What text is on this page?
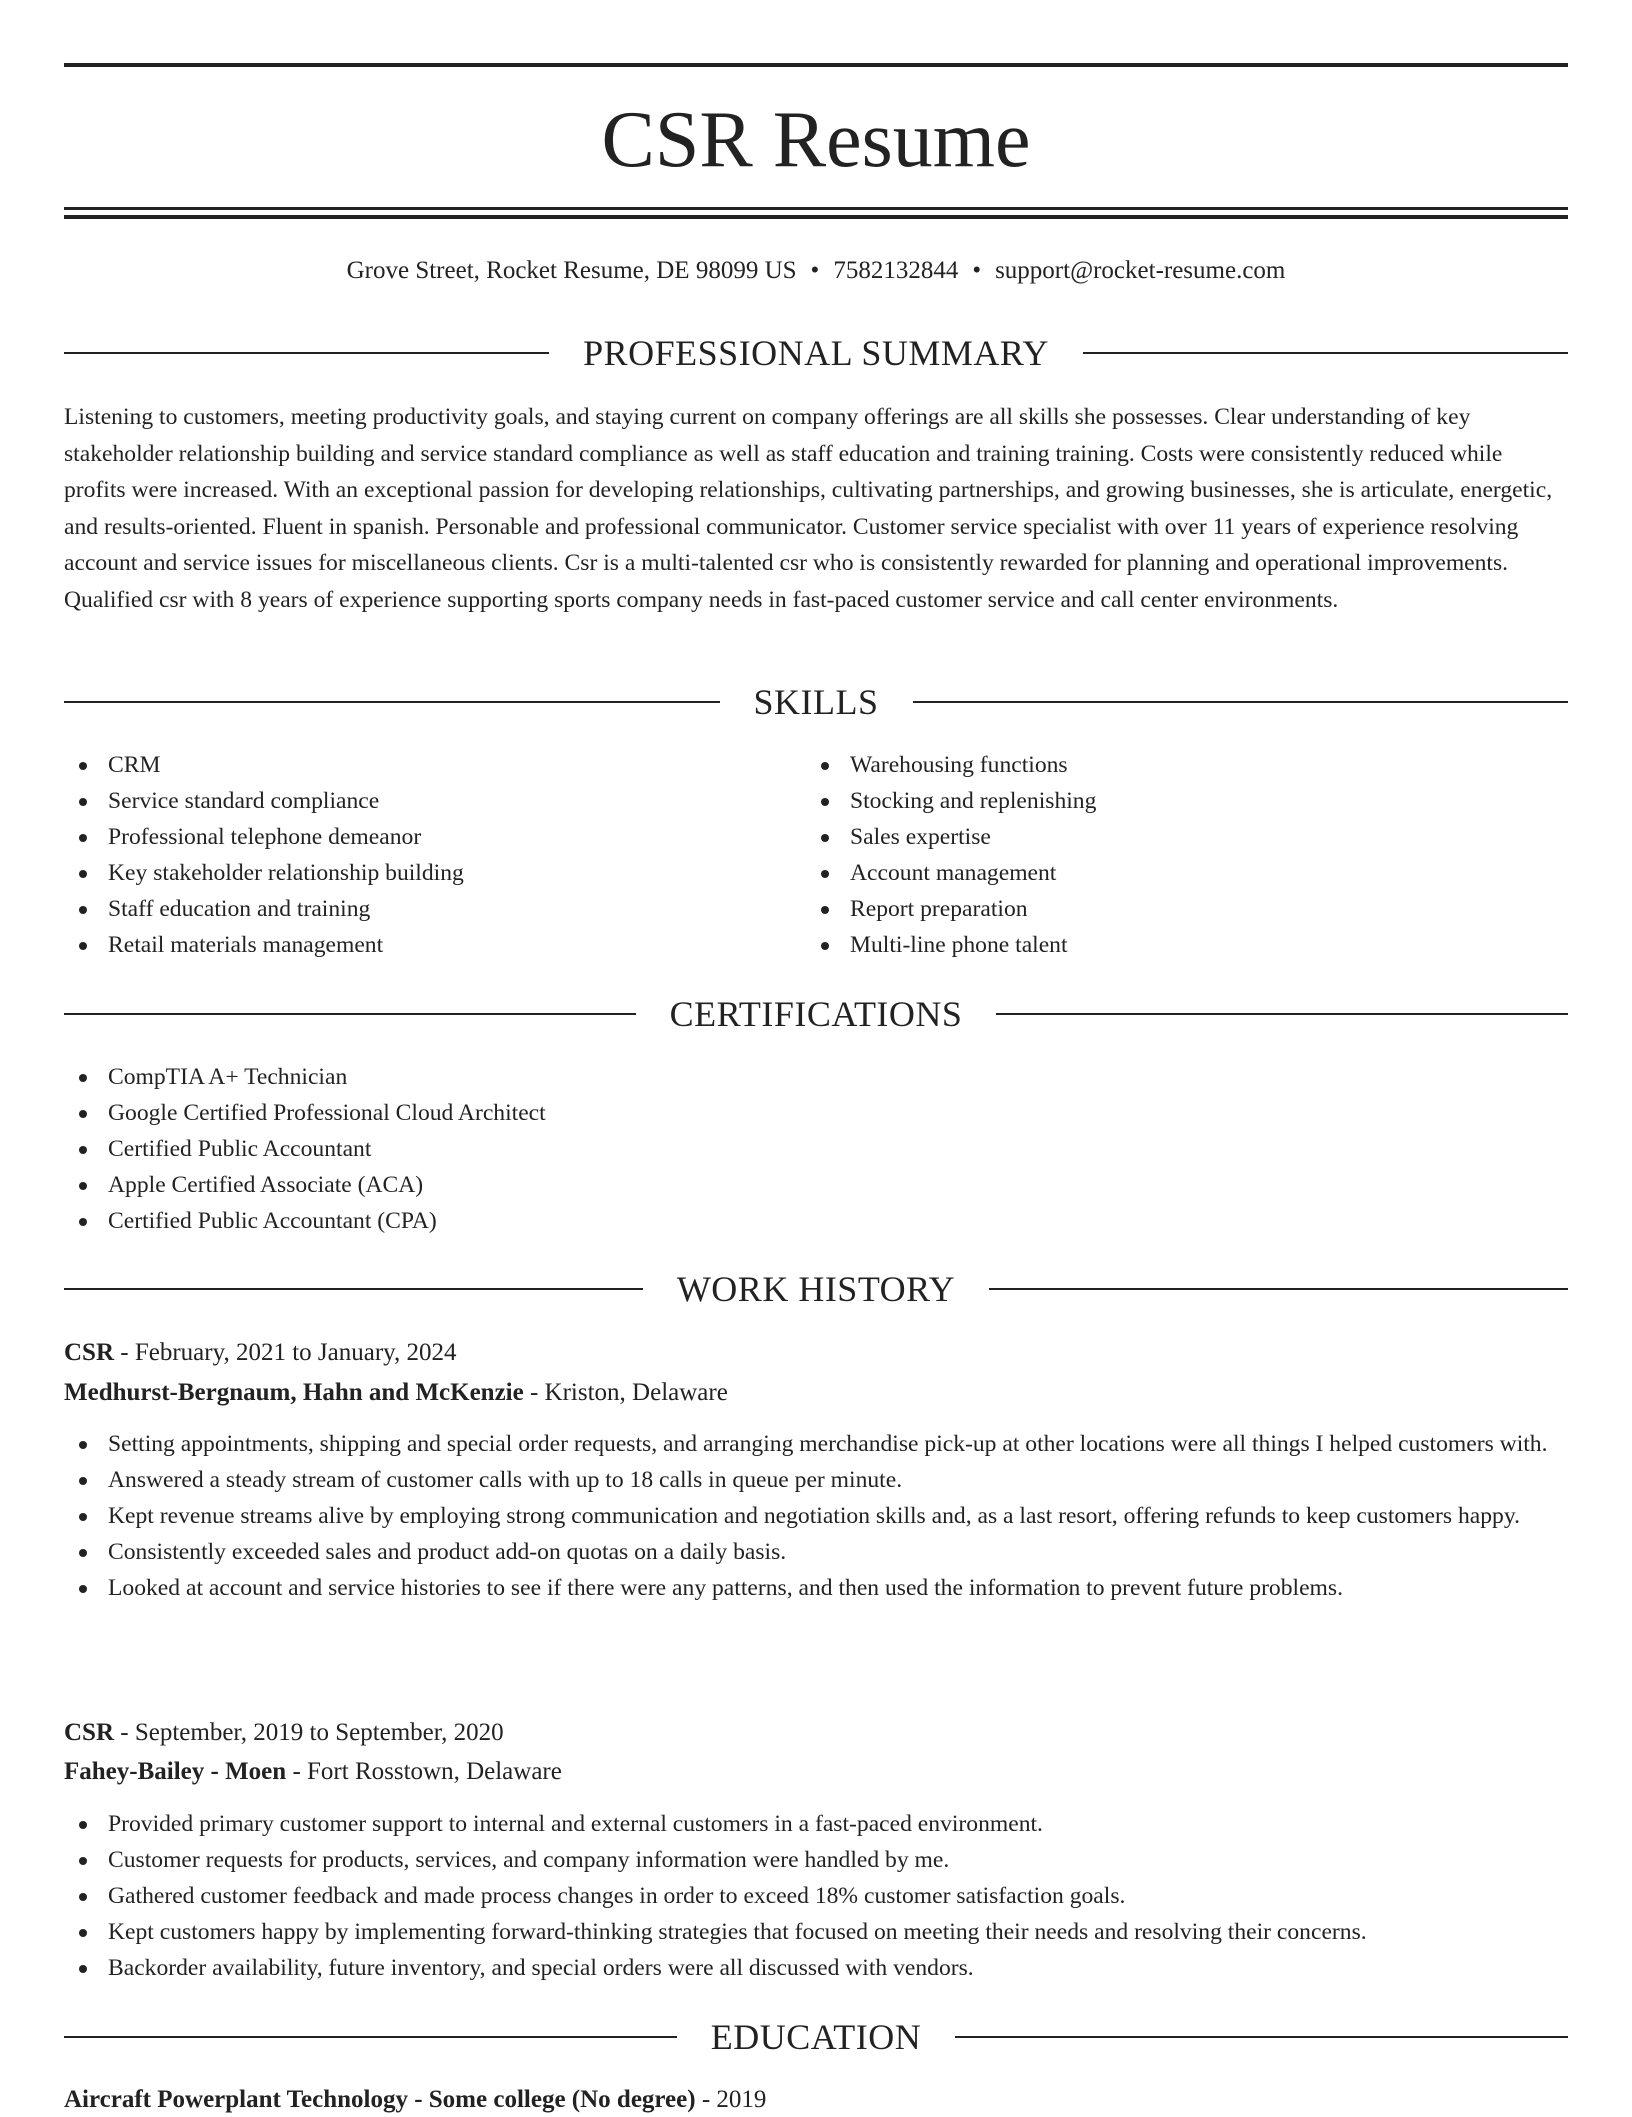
CSR Resume
Grove Street, Rocket Resume, DE 98099 US • 7582132844 • support@rocket-resume.com
PROFESSIONAL SUMMARY

Listening to customers, meeting productivity goals, and staying current on company offerings are all skills she possesses. Clear understanding of key stakeholder relationship building and service standard compliance as well as staff education and training training. Costs were consistently reduced while profits were increased. With an exceptional passion for developing relationships, cultivating partnerships, and growing businesses, she is articulate, energetic, and results-oriented. Fluent in spanish. Personable and professional communicator. Customer service specialist with over 11 years of experience resolving account and service issues for miscellaneous clients. Csr is a multi-talented csr who is consistently rewarded for planning and operational improvements. Qualified csr with 8 years of experience supporting sports company needs in fast-paced customer service and call center environments.

SKILLS
CRM
Service standard compliance
Professional telephone demeanor
Key stakeholder relationship building
Staff education and training
Retail materials management
Warehousing functions
Stocking and replenishing
Sales expertise
Account management
Report preparation
Multi-line phone talent
CERTIFICATIONS
CompTIA A+ Technician
Google Certified Professional Cloud Architect
Certified Public Accountant
Apple Certified Associate (ACA)
Certified Public Accountant (CPA)
WORK HISTORY
CSR - February, 2021 to January, 2024
Medhurst-Bergnaum, Hahn and McKenzie - Kriston, Delaware
Setting appointments, shipping and special order requests, and arranging merchandise pick-up at other locations were all things I helped customers with.
Answered a steady stream of customer calls with up to 18 calls in queue per minute.
Kept revenue streams alive by employing strong communication and negotiation skills and, as a last resort, offering refunds to keep customers happy.
Consistently exceeded sales and product add-on quotas on a daily basis.
Looked at account and service histories to see if there were any patterns, and then used the information to prevent future problems.
CSR - September, 2019 to September, 2020
Fahey-Bailey - Moen - Fort Rosstown, Delaware
Provided primary customer support to internal and external customers in a fast-paced environment.
Customer requests for products, services, and company information were handled by me.
Gathered customer feedback and made process changes in order to exceed 18% customer satisfaction goals.
Kept customers happy by implementing forward-thinking strategies that focused on meeting their needs and resolving their concerns.
Backorder availability, future inventory, and special orders were all discussed with vendors.
EDUCATION
Aircraft Powerplant Technology - Some college (No degree) - 2019
